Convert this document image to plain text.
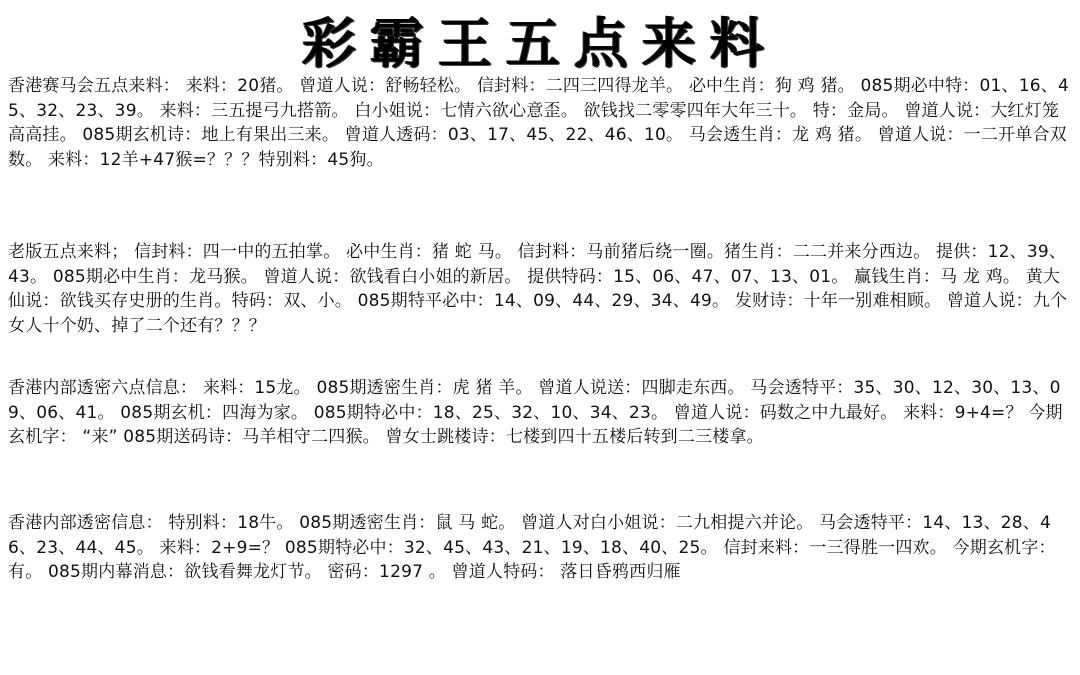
彩霸王五点来料
香港赛马会五点来料： 来料：20猪。 曾道人说：舒畅轻松。 信封料：二四三四得龙羊。 必中生肖：狗 鸡 猪。 085期必中特：01、16、45、32、23、39。 来料：三五提弓九搭箭。 白小姐说：七情六欲心意歪。 欲钱找二零零四年大年三十。 特：金局。 曾道人说：大红灯笼高高挂。 085期玄机诗：地上有果出三来。 曾道人透码：03、17、45、22、46、10。 马会透生肖：龙 鸡 猪。 曾道人说：一二开单合双数。 来料：12羊+47猴=？？？特别料：45狗。
老版五点来料； 信封料：四一中的五拍掌。 必中生肖：猪 蛇 马。 信封料：马前猪后绕一圈。猪生肖：二二并来分西边。 提供：12、39、43。 085期必中生肖：龙马猴。 曾道人说：欲钱看白小姐的新居。 提供特码：15、06、47、07、13、01。 赢钱生肖：马 龙 鸡。 黄大仙说：欲钱买存史册的生肖。特码：双、小。 085期特平必中：14、09、44、29、34、49。 发财诗：十年一别难相顾。 曾道人说：九个女人十个奶、掉了二个还有？？？
香港内部透密六点信息： 来料：15龙。 085期透密生肖：虎 猪 羊。 曾道人说送：四脚走东西。 马会透特平：35、30、12、30、13、09、06、41。 085期玄机：四海为家。 085期特必中：18、25、32、10、34、23。 曾道人说：码数之中九最好。 来料：9+4=？ 今期玄机字： “来” 085期送码诗：马羊相守二四猴。 曾女士跳楼诗：七楼到四十五楼后转到二三楼拿。
香港内部透密信息： 特别料：18牛。 085期透密生肖：鼠 马 蛇。 曾道人对白小姐说：二九相提六并论。 马会透特平：14、13、28、46、23、44、45。 来料：2+9=？ 085期特必中：32、45、43、21、19、18、40、25。 信封来料：一三得胜一四欢。 今期玄机字：有。 085期内幕消息：欲钱看舞龙灯节。 密码：1297 。 曾道人特码： 落日昏鸦西归雁
